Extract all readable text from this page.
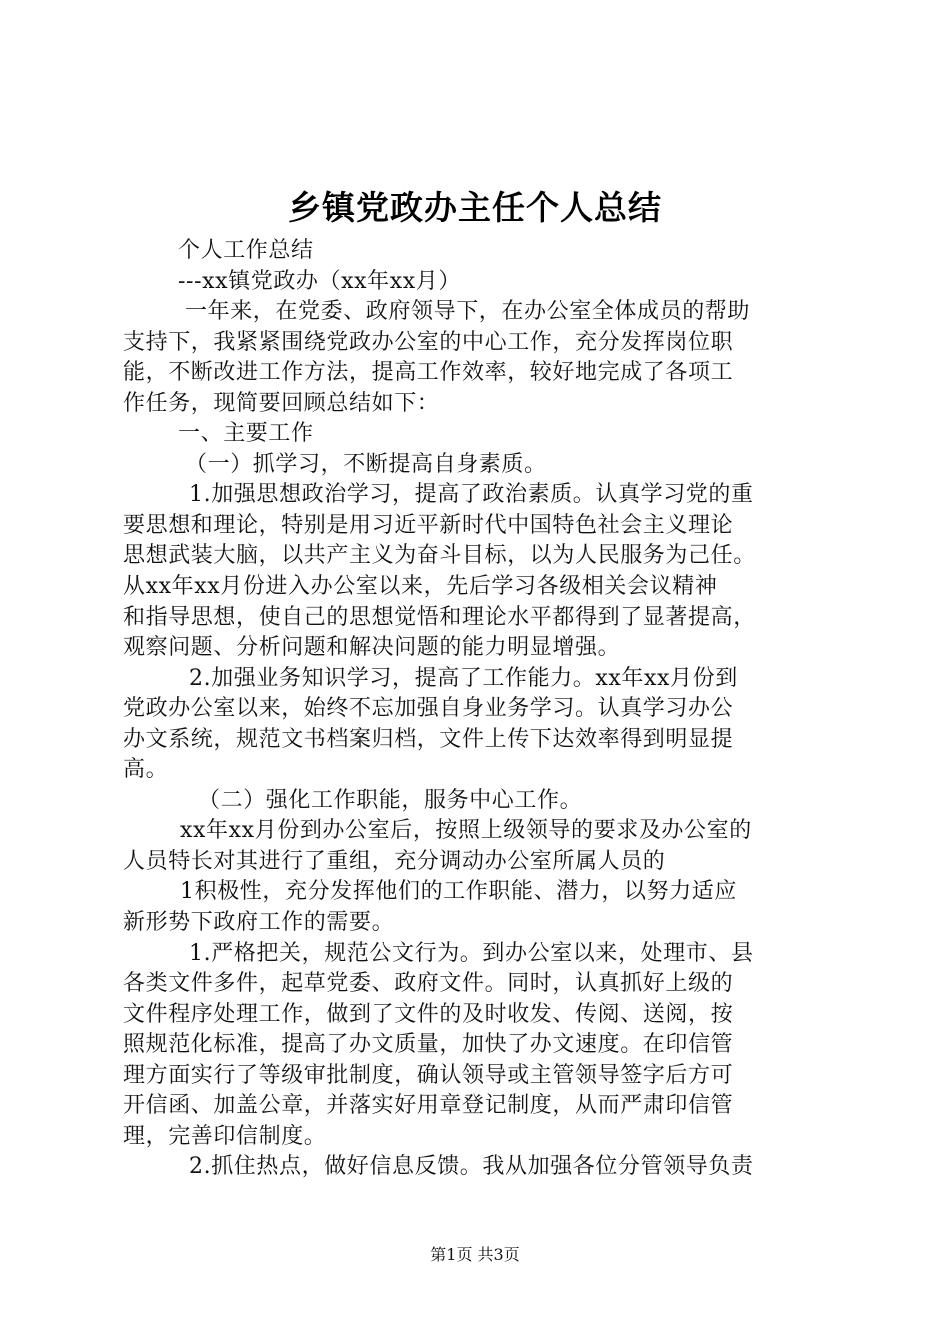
乡镇党政办主任个人总结
个人工作总结
---xx镇党政办（xx年xx月）
一年来，在党委、政府领导下，在办公室全体成员的帮助
支持下，我紧紧围绕党政办公室的中心工作，充分发挥岗位职
能，不断改进工作方法，提高工作效率，较好地完成了各项工
作任务，现简要回顾总结如下：
一、主要工作
（一）抓学习，不断提高自身素质。
1.加强思想政治学习，提高了政治素质。认真学习党的重
要思想和理论，特别是用习近平新时代中国特色社会主义理论
思想武装大脑，以共产主义为奋斗目标，以为人民服务为己任。
从xx年xx月份进入办公室以来，先后学习各级相关会议精神
和指导思想，使自己的思想觉悟和理论水平都得到了显著提高，
观察问题、分析问题和解决问题的能力明显增强。
2.加强业务知识学习，提高了工作能力。xx年xx月份到
党政办公室以来，始终不忘加强自身业务学习。认真学习办公
办文系统，规范文书档案归档，文件上传下达效率得到明显提
高。
（二）强化工作职能，服务中心工作。
xx年xx月份到办公室后，按照上级领导的要求及办公室的
人员特长对其进行了重组，充分调动办公室所属人员的
1积极性，充分发挥他们的工作职能、潜力，以努力适应
新形势下政府工作的需要。
1.严格把关，规范公文行为。到办公室以来，处理市、县
各类文件多件，起草党委、政府文件。同时，认真抓好上级的
文件程序处理工作，做到了文件的及时收发、传阅、送阅，按
照规范化标准，提高了办文质量，加快了办文速度。在印信管
理方面实行了等级审批制度，确认领导或主管领导签字后方可
开信函、加盖公章，并落实好用章登记制度，从而严肃印信管
理，完善印信制度。
2.抓住热点，做好信息反馈。我从加强各位分管领导负责
第1页 共3页
